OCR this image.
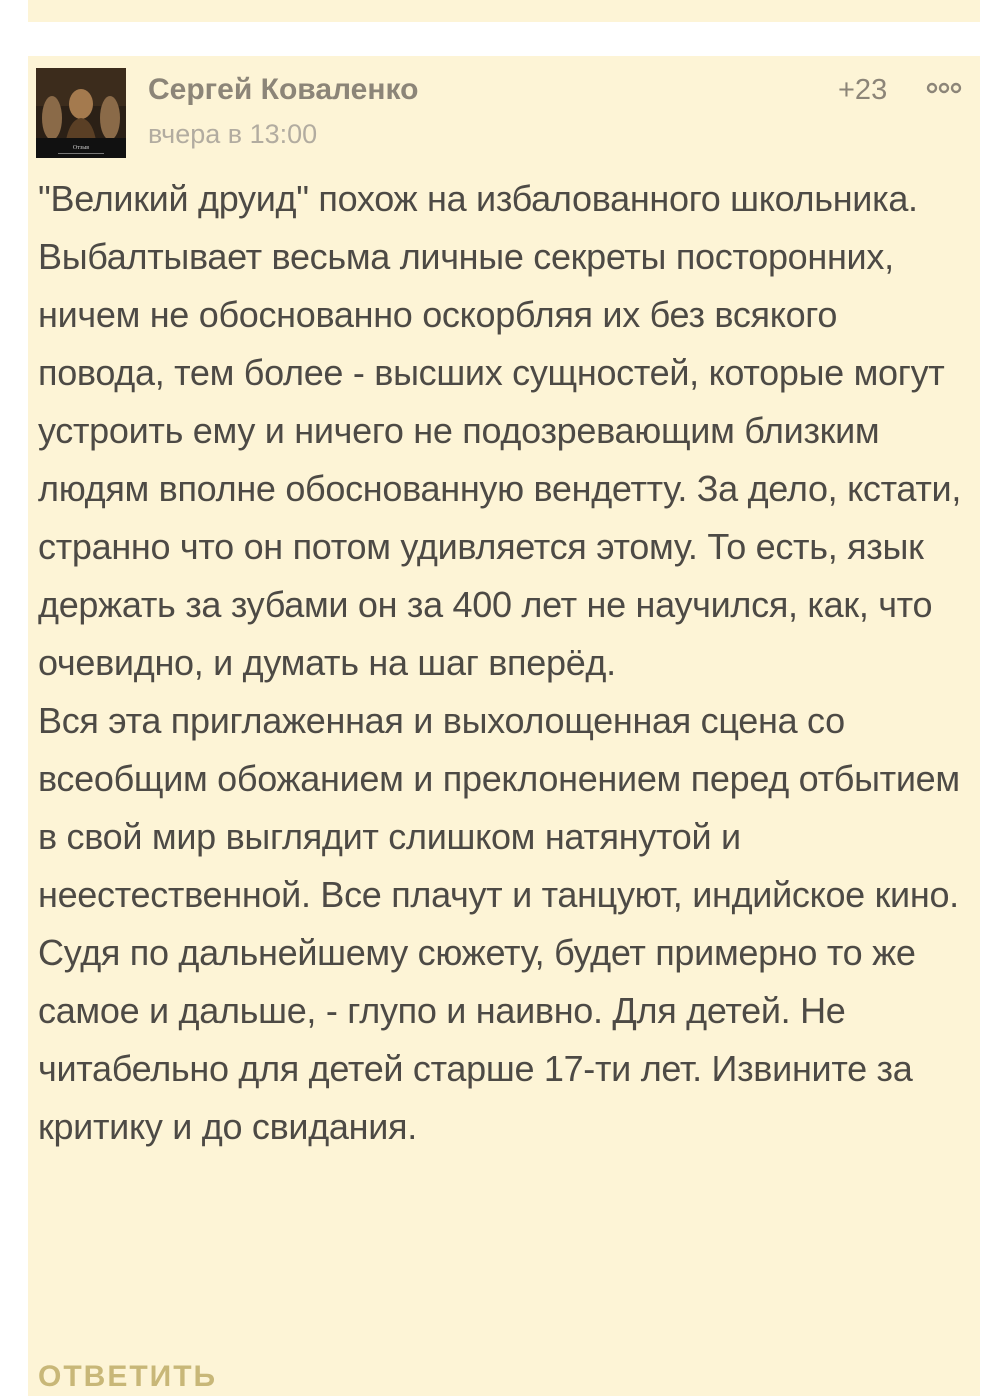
Отзыв
Сергей Коваленко
вчера в 13:00
+23

"Великий друид" похож на избалованного школьника. Выбалтывает весьма личные секреты посторонних, ничем не обоснованно оскорбляя их без всякого повода, тем более - высших сущностей, которые могут устроить ему и ничего не подозревающим близким людям вполне обоснованную вендетту. За дело, кстати, странно что он потом удивляется этому. То есть, язык держать за зубами он за 400 лет не научился, как, что очевидно, и думать на шаг вперёд.

Вся эта приглаженная и выхолощенная сцена со всеобщим обожанием и преклонением перед отбытием в свой мир выглядит слишком натянутой и неестественной. Все плачут и танцуют, индийское кино.

Судя по дальнейшему сюжету, будет примерно то же самое и дальше, - глупо и наивно. Для детей. Не читабельно для детей старше 17-ти лет. Извините за критику и до свидания.

ОТВЕТИТЬ
